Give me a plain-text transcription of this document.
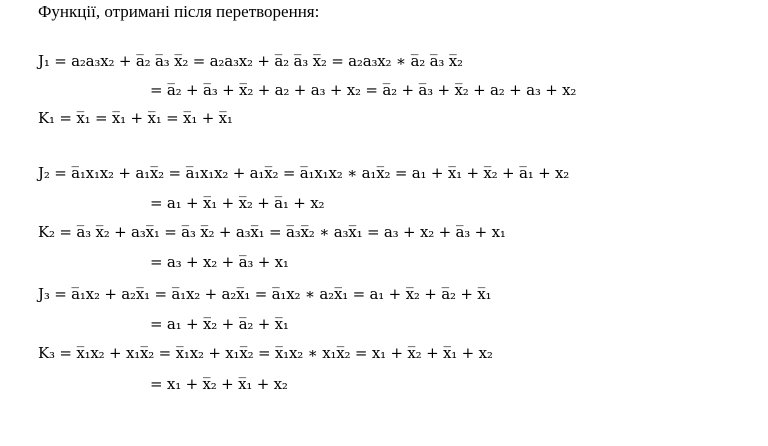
Функції, отримані після перетворення:
J₁ = a₂a₃x₂ + a̅₂ a̅₃ x̅₂ = a₂a₃x₂ + a̅₂ a̅₃ x̅₂ = a₂a₃x₂ ∗ a̅₂ a̅₃ x̅₂
= a̅₂ + a̅₃ + x̅₂ + a₂ + a₃ + x₂ = a̅₂ + a̅₃ + x̅₂ + a₂ + a₃ + x₂
K₁ = x̅₁ = x̅₁ + x̅₁ = x̅₁ + x̅₁
J₂ = a̅₁x₁x₂ + a₁x̅₂ = a̅₁x₁x₂ + a₁x̅₂ = a̅₁x₁x₂ ∗ a₁x̅₂ = a₁ + x̅₁ + x̅₂ + a̅₁ + x₂
= a₁ + x̅₁ + x̅₂ + a̅₁ + x₂
K₂ = a̅₃ x̅₂ + a₃x̅₁ = a̅₃ x̅₂ + a₃x̅₁ = a̅₃x̅₂ ∗ a₃x̅₁ = a₃ + x₂ + a̅₃ + x₁
= a₃ + x₂ + a̅₃ + x₁
J₃ = a̅₁x₂ + a₂x̅₁ = a̅₁x₂ + a₂x̅₁ = a̅₁x₂ ∗ a₂x̅₁ = a₁ + x̅₂ + a̅₂ + x̅₁
= a₁ + x̅₂ + a̅₂ + x̅₁
K₃ = x̅₁x₂ + x₁x̅₂ = x̅₁x₂ + x₁x̅₂ = x̅₁x₂ ∗ x₁x̅₂ = x₁ + x̅₂ + x̅₁ + x₂
= x₁ + x̅₂ + x̅₁ + x₂
